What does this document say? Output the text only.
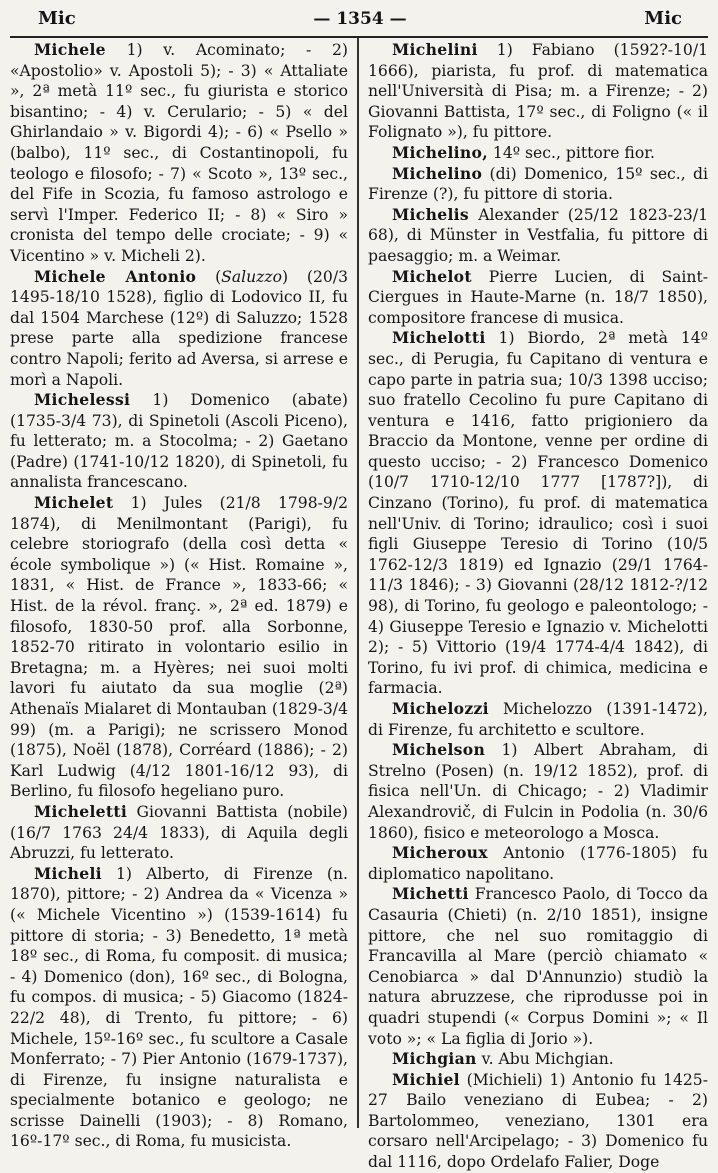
Mic	— 1354 —	Mic

Michele 1) v. Acominato; - 2) «Apostolio» v. Apostoli 5); - 3) « Attaliate », 2ª metà 11º sec., fu giurista e storico bisantino; - 4) v. Cerulario; - 5) « del Ghirlandaio » v. Bigordi 4); - 6) « Psello » (balbo), 11º sec., di Costantinopoli, fu teologo e filosofo; - 7) « Scoto », 13º sec., del Fife in Scozia, fu famoso astrologo e servì l'Imper. Federico II; - 8) « Siro » cronista del tempo delle crociate; - 9) « Vicentino » v. Micheli 2).

Michele Antonio (Saluzzo) (20/3 1495-18/10 1528), figlio di Lodovico II, fu dal 1504 Marchese (12º) di Saluzzo; 1528 prese parte alla spedizione francese contro Napoli; ferito ad Aversa, si arrese e morì a Napoli.

Michelessi 1) Domenico (abate) (1735-3/4 73), di Spinetoli (Ascoli Piceno), fu letterato; m. a Stocolma; - 2) Gaetano (Padre) (1741-10/12 1820), di Spinetoli, fu annalista francescano.

Michelet 1) Jules (21/8 1798-9/2 1874), di Menilmontant (Parigi), fu celebre storiografo (della così detta « école symbolique ») (« Hist. Romaine », 1831, « Hist. de France », 1833-66; « Hist. de la révol. franç. », 2ª ed. 1879) e filosofo, 1830-50 prof. alla Sorbonne, 1852-70 ritirato in volontario esilio in Bretagna; m. a Hyères; nei suoi molti lavori fu aiutato da sua moglie (2ª) Athenaïs Mialaret di Montauban (1829-3/4 99) (m. a Parigi); ne scrissero Monod (1875), Noël (1878), Corréard (1886); - 2) Karl Ludwig (4/12 1801-16/12 93), di Berlino, fu filosofo hegeliano puro.

Micheletti Giovanni Battista (nobile) (16/7 1763 24/4 1833), di Aquila degli Abruzzi, fu letterato.

Micheli 1) Alberto, di Firenze (n. 1870), pittore; - 2) Andrea da « Vicenza » (« Michele Vicentino ») (1539-1614) fu pittore di storia; - 3) Benedetto, 1ª metà 18º sec., di Roma, fu composit. di musica; - 4) Domenico (don), 16º sec., di Bologna, fu compos. di musica; - 5) Giacomo (1824-22/2 48), di Trento, fu pittore; - 6) Michele, 15º-16º sec., fu scultore a Casale Monferrato; - 7) Pier Antonio (1679-1737), di Firenze, fu insigne naturalista e specialmente botanico e geologo; ne scrisse Dainelli (1903); - 8) Romano, 16º-17º sec., di Roma, fu musicista.

Michelini 1) Fabiano (1592?-10/1 1666), piarista, fu prof. di matematica nell'Università di Pisa; m. a Firenze; - 2) Giovanni Battista, 17º sec., di Foligno (« il Folignato »), fu pittore.

Michelino, 14º sec., pittore fior.

Michelino (di) Domenico, 15º sec., di Firenze (?), fu pittore di storia.

Michelis Alexander (25/12 1823-23/1 68), di Münster in Vestfalia, fu pittore di paesaggio; m. a Weimar.

Michelot Pierre Lucien, di Saint-Ciergues in Haute-Marne (n. 18/7 1850), compositore francese di musica.

Michelotti 1) Biordo, 2ª metà 14º sec., di Perugia, fu Capitano di ventura e capo parte in patria sua; 10/3 1398 ucciso; suo fratello Cecolino fu pure Capitano di ventura e 1416, fatto prigioniero da Braccio da Montone, venne per ordine di questo ucciso; - 2) Francesco Domenico (10/7 1710-12/10 1777 [1787?]), di Cinzano (Torino), fu prof. di matematica nell'Univ. di Torino; idraulico; così i suoi figli Giuseppe Teresio di Torino (10/5 1762-12/3 1819) ed Ignazio (29/1 1764-11/3 1846); - 3) Giovanni (28/12 1812-?/12 98), di Torino, fu geologo e paleontologo; - 4) Giuseppe Teresio e Ignazio v. Michelotti 2); - 5) Vittorio (19/4 1774-4/4 1842), di Torino, fu ivi prof. di chimica, medicina e farmacia.

Michelozzi Michelozzo (1391-1472), di Firenze, fu architetto e scultore.

Michelson 1) Albert Abraham, di Strelno (Posen) (n. 19/12 1852), prof. di fisica nell'Un. di Chicago; - 2) Vladimir Alexandrovič, di Fulcin in Podolia (n. 30/6 1860), fisico e meteorologo a Mosca.

Micheroux Antonio (1776-1805) fu diplomatico napolitano.

Michetti Francesco Paolo, di Tocco da Casauria (Chieti) (n. 2/10 1851), insigne pittore, che nel suo romitaggio di Francavilla al Mare (perciò chiamato « Cenobiarca » dal D'Annunzio) studiò la natura abruzzese, che riprodusse poi in quadri stupendi (« Corpus Domini »; « Il voto »; « La figlia di Jorio »).

Michgian v. Abu Michgian.

Michiel (Michieli) 1) Antonio fu 1425-27 Bailo veneziano di Eubea; - 2) Bartolommeo, veneziano, 1301 era corsaro nell'Arcipelago; - 3) Domenico fu dal 1116, dopo Ordelafo Falier, Doge
